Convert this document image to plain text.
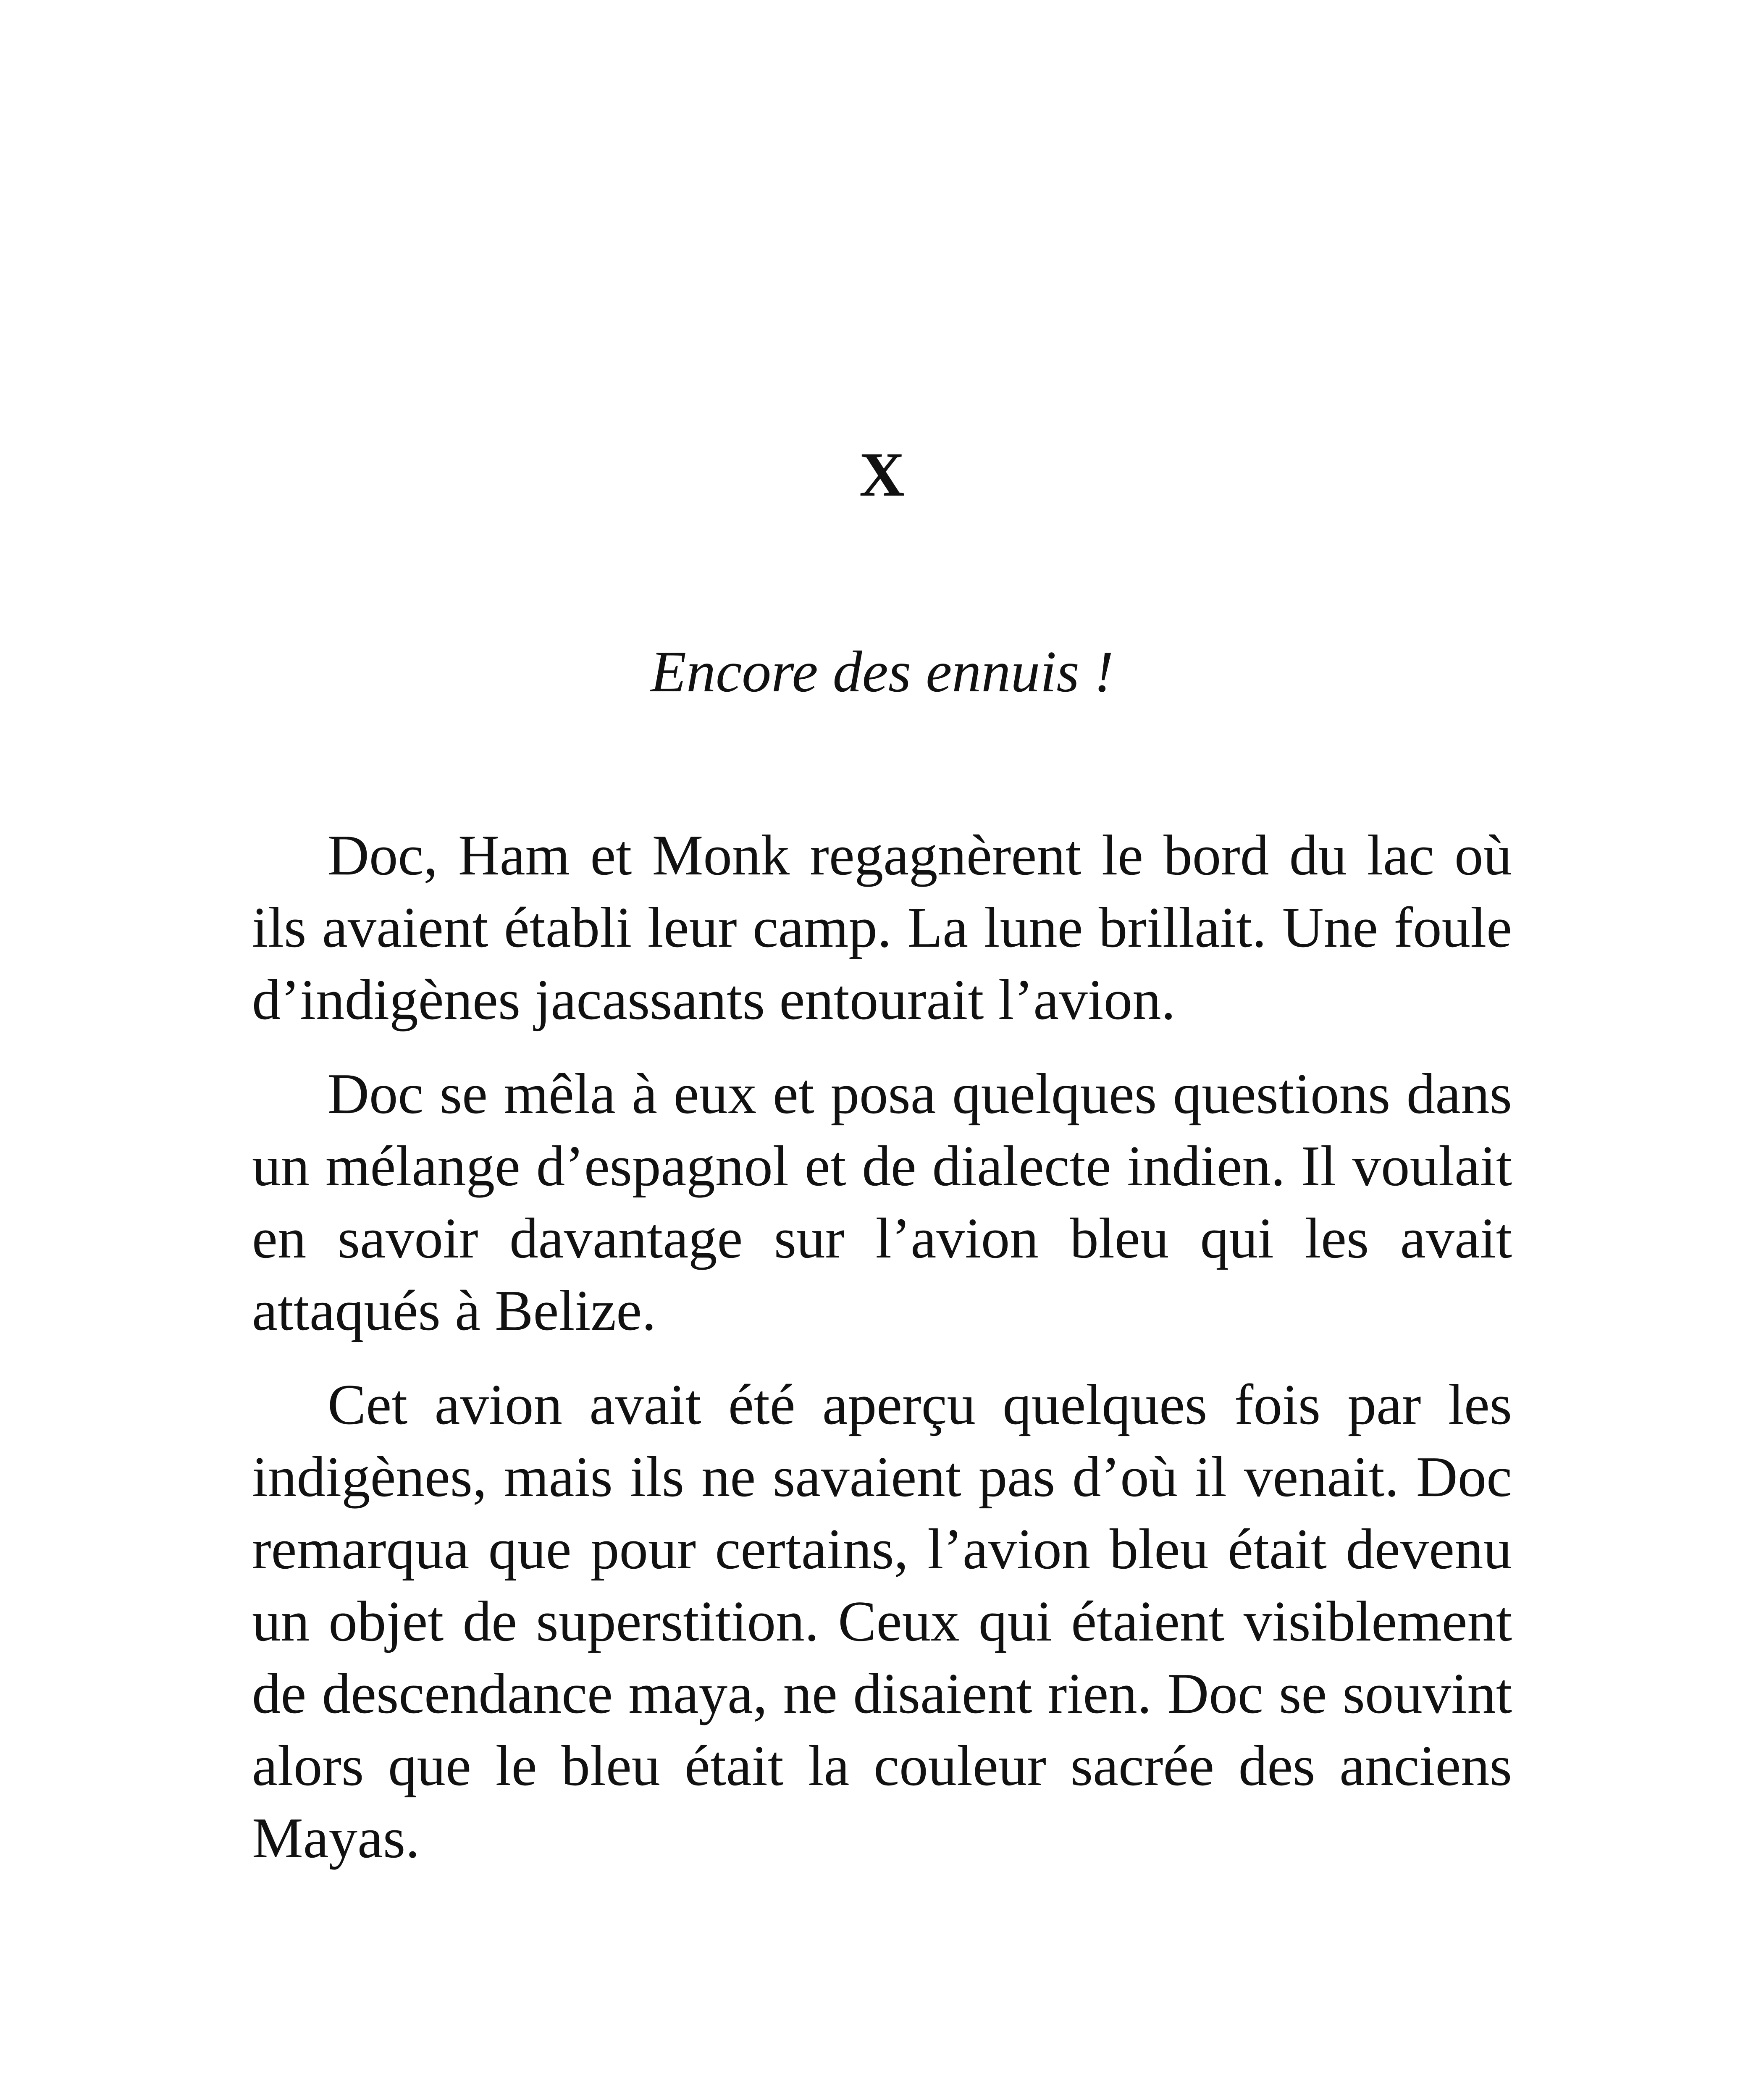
X
Encore des ennuis !

Doc, Ham et Monk regagnèrent le bord du lac où ils avaient établi leur camp. La lune brillait. Une foule d’indigènes jacassants entourait l’avion.

Doc se mêla à eux et posa quelques questions dans un mélange d’espagnol et de dialecte indien. Il voulait en savoir davantage sur l’avion bleu qui les avait attaqués à Belize.

Cet avion avait été aperçu quelques fois par les indigènes, mais ils ne savaient pas d’où il venait. Doc remarqua que pour certains, l’avion bleu était devenu un objet de superstition. Ceux qui étaient visiblement de descendance maya, ne disaient rien. Doc se souvint alors que le bleu était la couleur sacrée des anciens Mayas.
